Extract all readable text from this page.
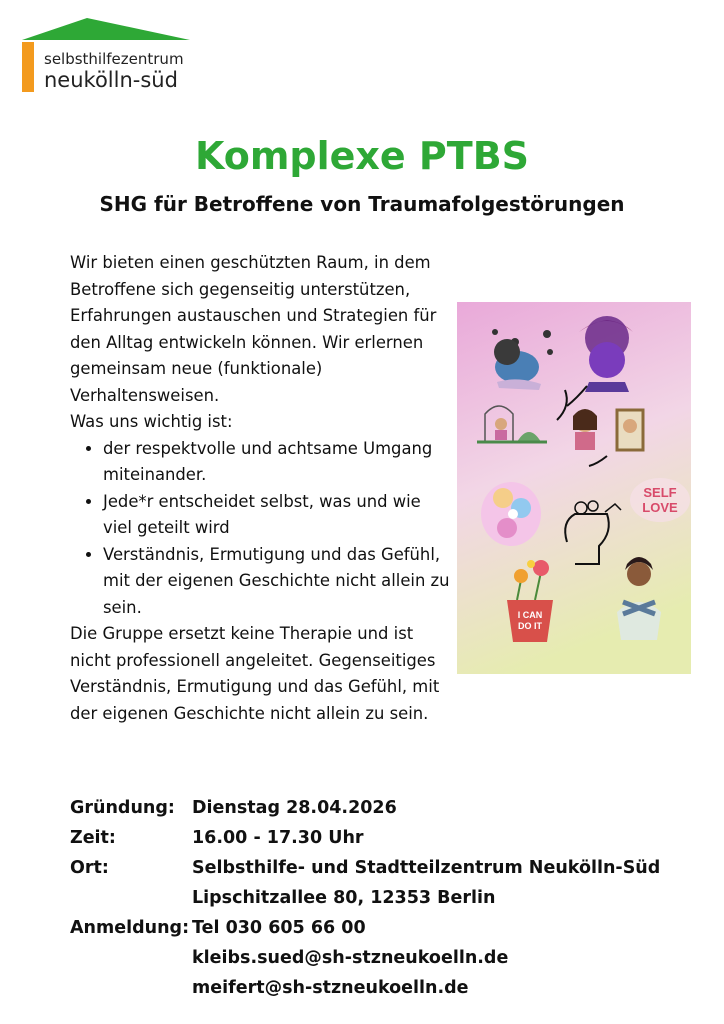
selbsthilfezentrum
neukölln-süd
Komplexe PTBS
SHG für Betroffene von Traumafolgestörungen

Wir bieten einen geschützten Raum, in dem Betroffene sich gegenseitig unterstützen, Erfahrungen austauschen und Strategien für den Alltag entwickeln können. Wir erlernen gemeinsam neue (funktionale) Verhaltensweisen.

Was uns wichtig ist:

• der respektvolle und achtsame Umgang miteinander.
• Jede*r entscheidet selbst, was und wie viel geteilt wird
• Verständnis, Ermutigung und das Gefühl, mit der eigenen Geschichte nicht allein zu sein.

Die Gruppe ersetzt keine Therapie und ist nicht professionell angeleitet. Gegenseitiges Verständnis, Ermutigung und das Gefühl, mit der eigenen Geschichte nicht allein zu sein.

SELF
LOVE
I CAN
DO IT
Gründung: Dienstag 28.04.2026
Zeit:	16.00 - 17.30 Uhr
Ort:	Selbsthilfe- und Stadtteilzentrum Neukölln-Süd
Lipschitzallee 80, 12353 Berlin
Anmeldung: Tel 030 605 66 00
kleibs.sued@sh-stzneukoelln.de
meifert@sh-stzneukoelln.de
